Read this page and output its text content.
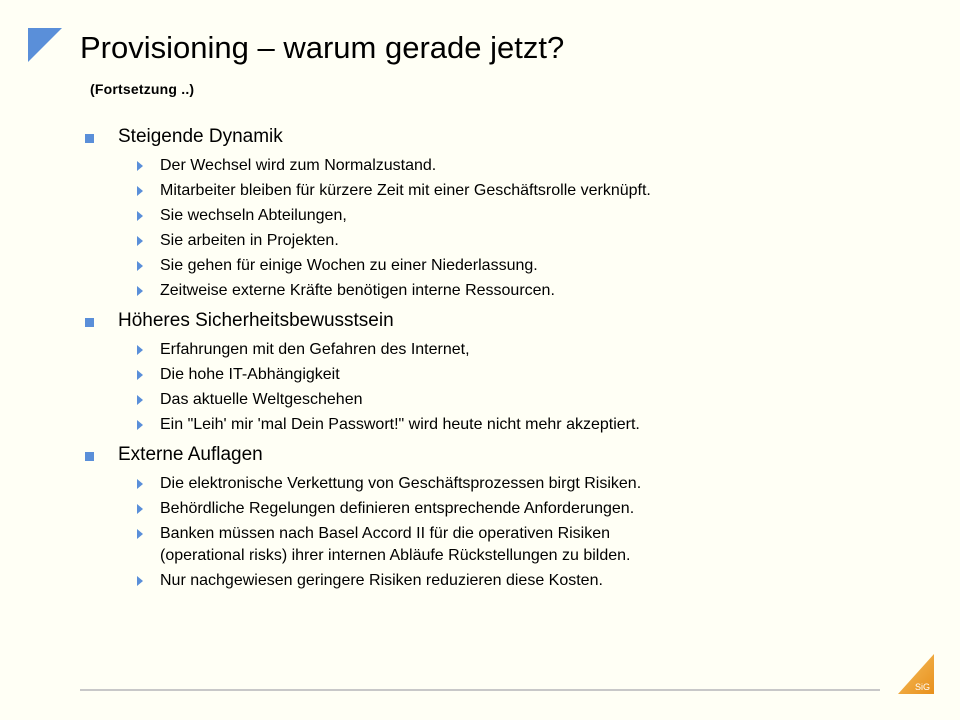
Provisioning – warum gerade jetzt?
(Fortsetzung ..)
Steigende Dynamik
Der Wechsel wird zum Normalzustand.
Mitarbeiter bleiben für kürzere Zeit mit einer Geschäftsrolle verknüpft.
Sie wechseln Abteilungen,
Sie arbeiten in Projekten.
Sie gehen für einige Wochen zu einer Niederlassung.
Zeitweise externe Kräfte benötigen interne Ressourcen.
Höheres Sicherheitsbewusstsein
Erfahrungen mit den Gefahren des Internet,
Die hohe IT-Abhängigkeit
Das aktuelle Weltgeschehen
Ein "Leih' mir 'mal Dein Passwort!" wird heute nicht mehr akzeptiert.
Externe Auflagen
Die elektronische Verkettung von Geschäftsprozessen birgt Risiken.
Behördliche Regelungen definieren entsprechende Anforderungen.
Banken müssen nach Basel Accord II für die operativen Risiken
(operational risks) ihrer internen Abläufe Rückstellungen zu bilden.
Nur nachgewiesen geringere Risiken reduzieren diese Kosten.
SiG
